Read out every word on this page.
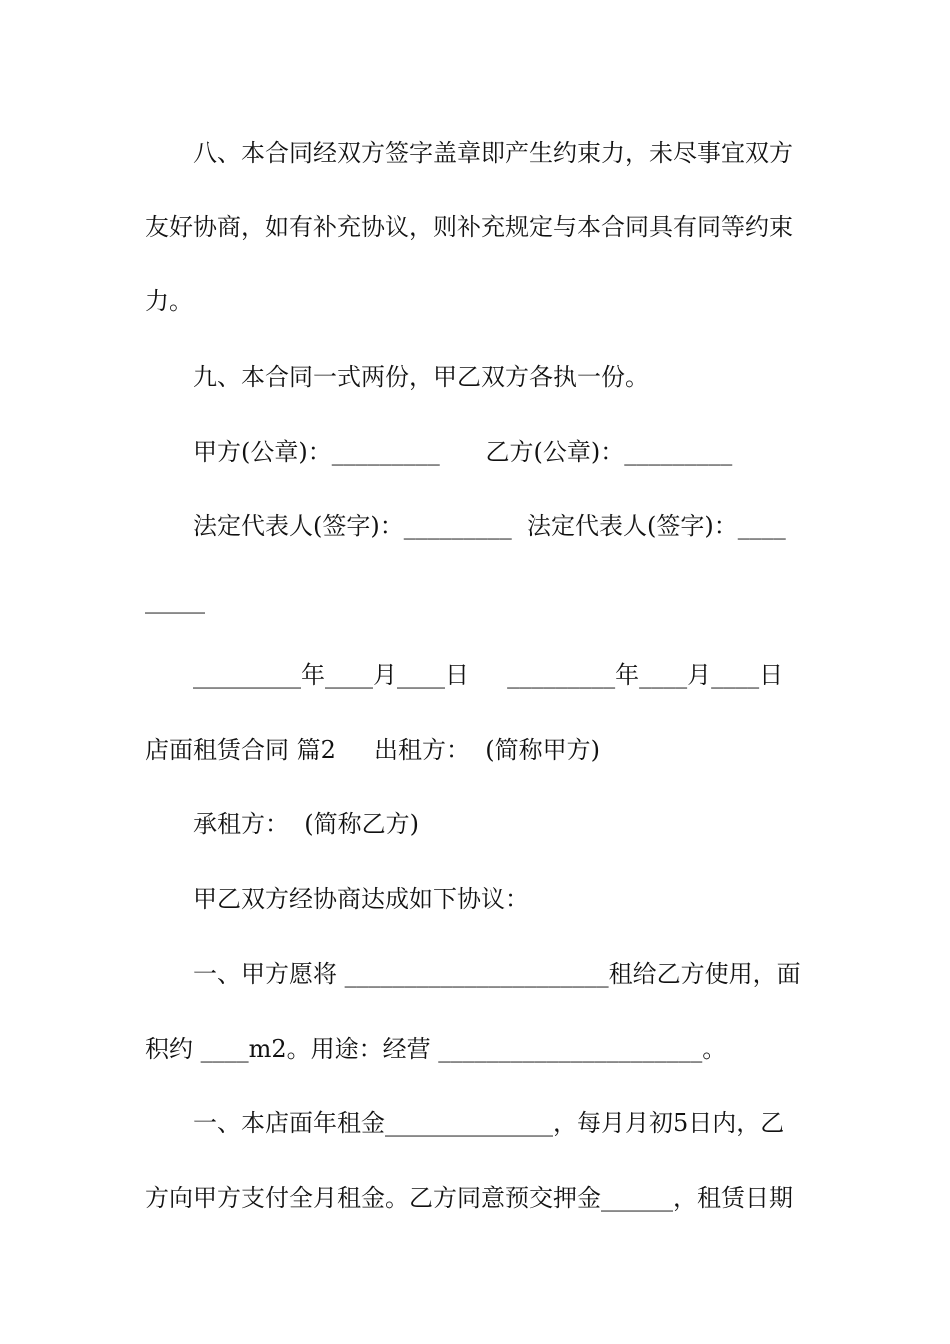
八、本合同经双方签字盖章即产生约束力，未尽事宜双方
友好协商，如有补充协议，则补充规定与本合同具有同等约束
力。
九、本合同一式两份，甲乙双方各执一份。
甲方(公章)：_________      乙方(公章)：_________
法定代表人(签字)：_________  法定代表人(签字)：____
_____
_________年____月____日     _________年____月____日
店面租赁合同 篇2     出租方：  (简称甲方)
承租方：  (简称乙方)
甲乙双方经协商达成如下协议：
一、甲方愿将 ______________________租给乙方使用，面
积约 ____m2。用途：经营 ______________________。
一、本店面年租金______________，每月月初5日内，乙
方向甲方支付全月租金。乙方同意预交押金______，租赁日期
